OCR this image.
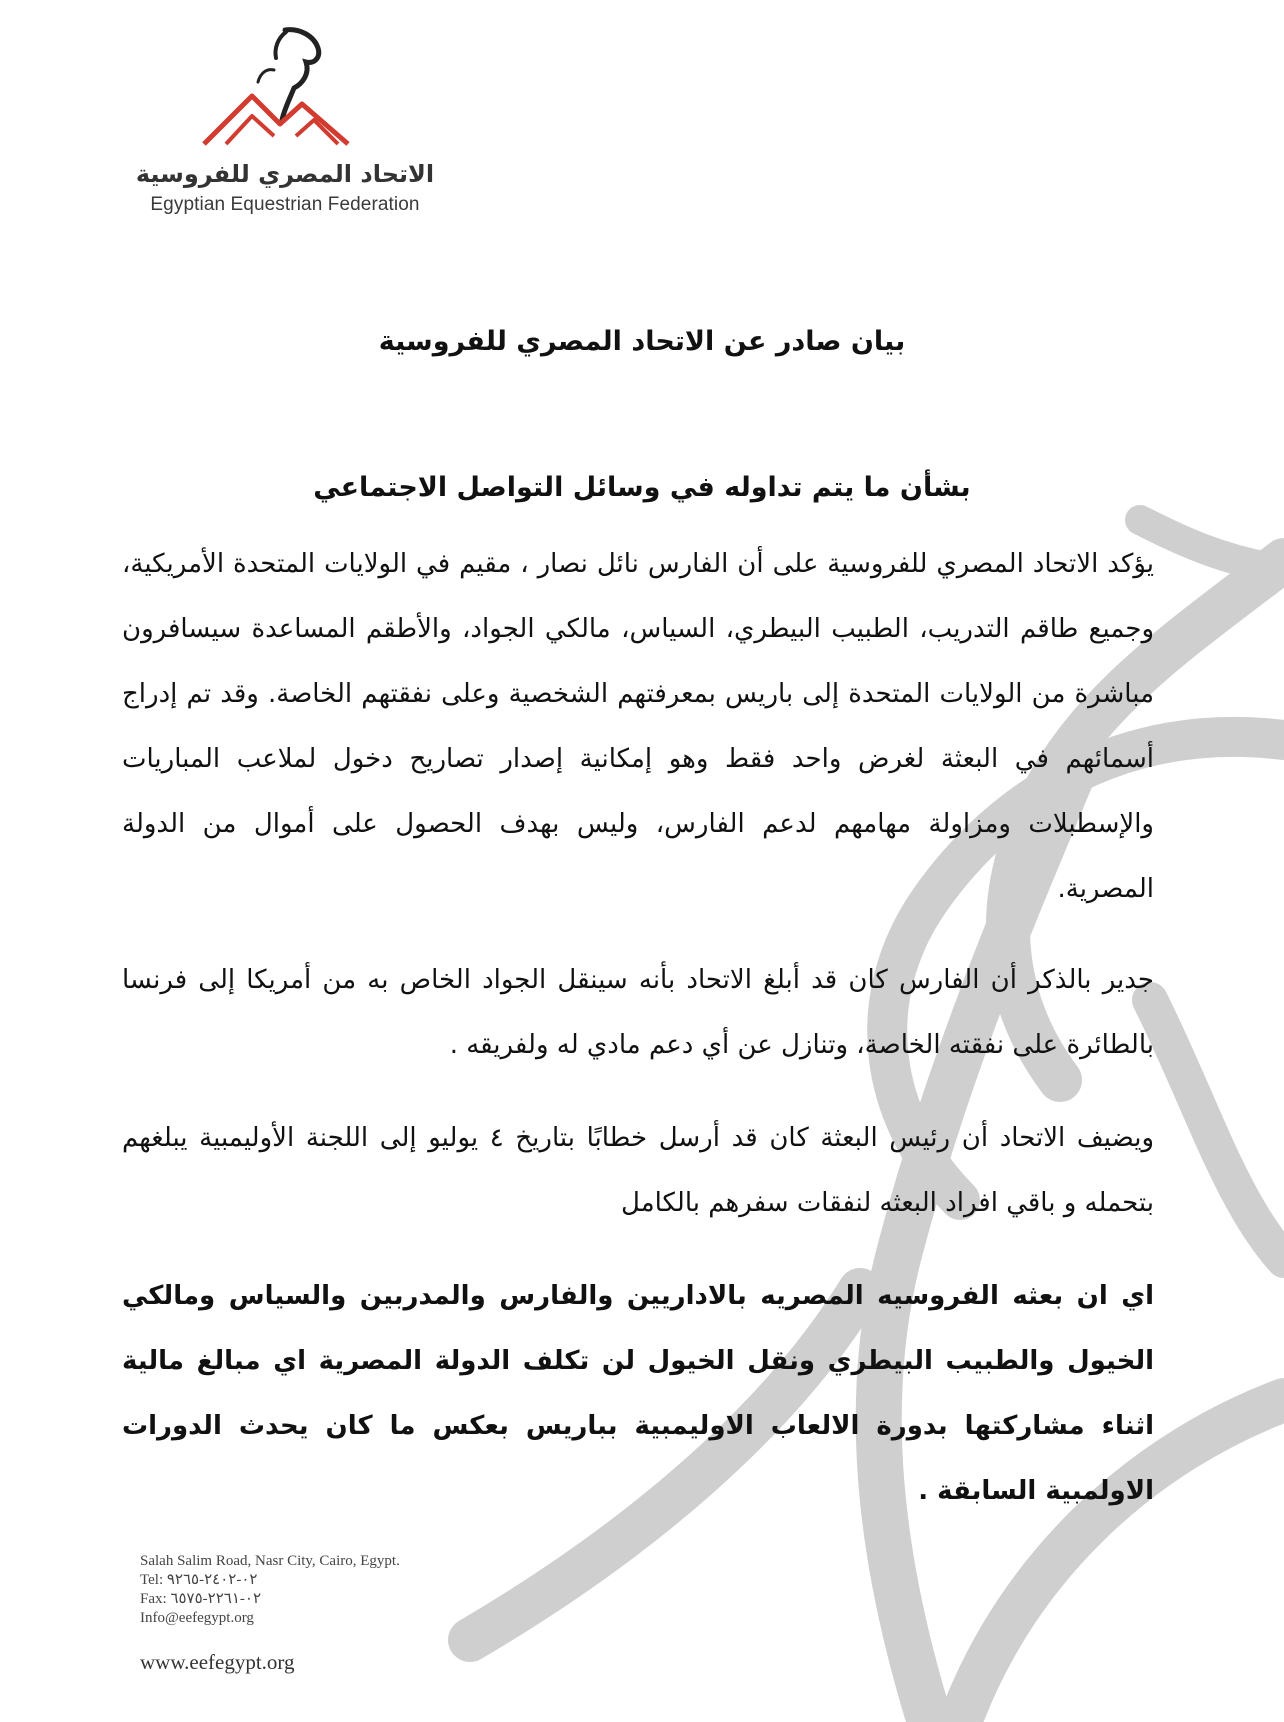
الاتحاد المصري للفروسية
Egyptian Equestrian Federation
بيان صادر عن الاتحاد المصري للفروسية
بشأن ما يتم تداوله في وسائل التواصل الاجتماعي
يؤكد الاتحاد المصري للفروسية على أن الفارس نائل نصار ، مقيم في الولايات المتحدة الأمريكية، وجميع طاقم التدريب، الطبيب البيطري، السياس، مالكي الجواد، والأطقم المساعدة سيسافرون مباشرة من الولايات المتحدة إلى باريس بمعرفتهم الشخصية وعلى نفقتهم الخاصة. وقد تم إدراج أسمائهم في البعثة لغرض واحد فقط وهو إمكانية إصدار تصاريح دخول لملاعب المباريات والإسطبلات ومزاولة مهامهم لدعم الفارس، وليس بهدف الحصول على أموال من الدولة المصرية.
جدير بالذكر أن الفارس كان قد أبلغ الاتحاد بأنه سينقل الجواد الخاص به من أمريكا إلى فرنسا بالطائرة على نفقته الخاصة، وتنازل عن أي دعم مادي له ولفريقه .
ويضيف الاتحاد أن رئيس البعثة كان قد أرسل خطابًا بتاريخ ٤ يوليو إلى اللجنة الأوليمبية يبلغهم بتحمله و باقي افراد البعثه لنفقات سفرهم بالكامل
اي ان بعثه الفروسيه المصريه بالاداريين والفارس والمدربين والسياس ومالكي الخيول والطبيب البيطري ونقل الخيول لن تكلف الدولة المصرية اي مبالغ مالية اثناء مشاركتها بدورة الالعاب الاوليمبية بباريس بعكس ما كان يحدث الدورات الاولمبية السابقة .
Salah Salim Road, Nasr City, Cairo, Egypt.
Tel: ٠٢-٢٤٠٢-٩٢٦٥
Fax: ٠٢-٢٢٦١-٦٥٧٥
Info@eefegypt.org
www.eefegypt.org
